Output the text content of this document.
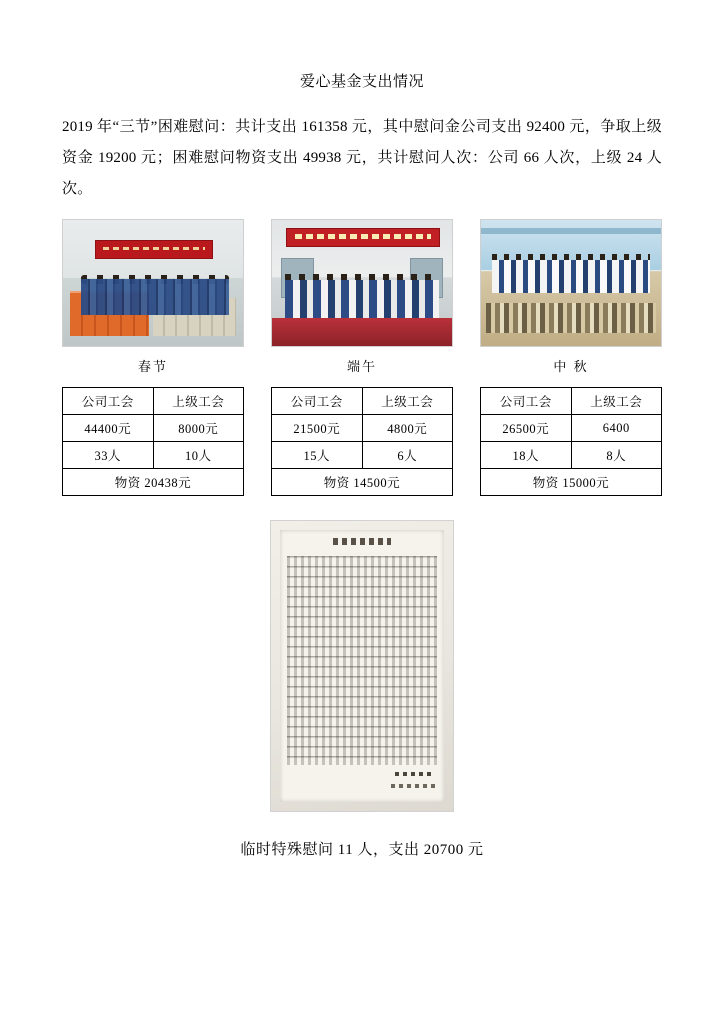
爱心基金支出情况

2019 年“三节”困难慰问：共计支出 161358 元，其中慰问金公司支出 92400 元，争取上级资金 19200 元；困难慰问物资支出 49938 元，共计慰问人次：公司 66 人次，上级 24 人次。

春节	端午	中 秋
公司工会	上级工会
44400元	8000元
33人	10人
物资 20438元	
公司工会	上级工会
21500元	4800元
15人	6人
物资 14500元	
公司工会	上级工会
26500元	6400
18人	8人
物资 15000元	
临时特殊慰问 11 人，支出 20700 元
